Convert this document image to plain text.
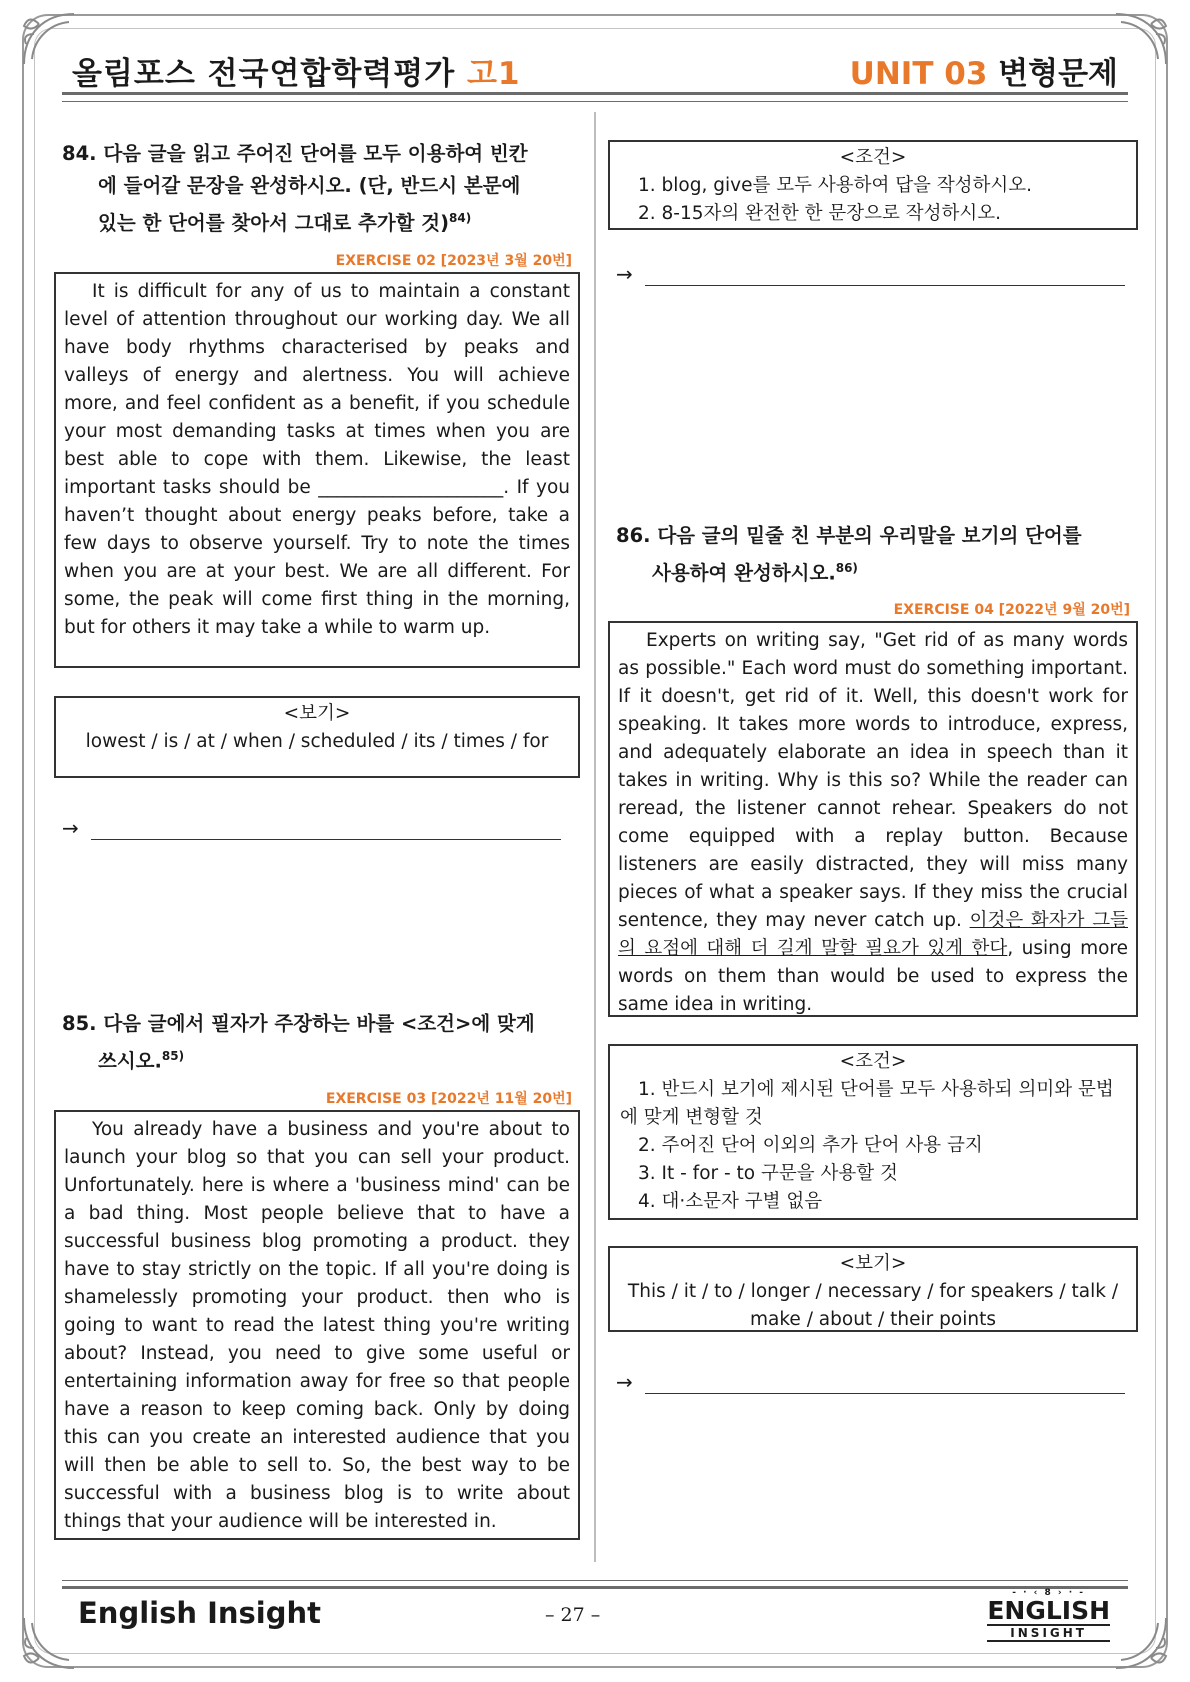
올림포스 전국연합학력평가 고1	UNIT 03 변형문제
84. 다음 글을 읽고 주어진 단어를 모두 이용하여 빈칸
에 들어갈 문장을 완성하시오. (단, 반드시 본문에
있는 한 단어를 찾아서 그대로 추가할 것)$^{84)}$
EXERCISE 02 [2023년 3월 20번]
It is difficult for any of us to maintain a constant level of attention throughout our working day. We all have body rhythms characterised by peaks and valleys of energy and alertness. You will achieve more, and feel confident as a benefit, if you schedule your most demanding tasks at times when you are best able to cope with them. Likewise, the least important tasks should be ____________________. If you haven’t thought about energy peaks before, take a few days to observe yourself. Try to note the times when you are at your best. We are all different. For some, the peak will come first thing in the morning, but for others it may take a while to warm up.
<보기>
lowest / is / at / when / scheduled / its / times / for
→
85. 다음 글에서 필자가 주장하는 바를 <조건>에 맞게
쓰시오.$^{85)}$
EXERCISE 03 [2022년 11월 20번]
You already have a business and you're about to launch your blog so that you can sell your product. Unfortunately. here is where a 'business mind' can be a bad thing. Most people believe that to have a successful business blog promoting a product. they have to stay strictly on the topic. If all you're doing is shamelessly promoting your product. then who is going to want to read the latest thing you're writing about? Instead, you need to give some useful or entertaining information away for free so that people have a reason to keep coming back. Only by doing this can you create an interested audience that you will then be able to sell to. So, the best way to be successful with a business blog is to write about things that your audience will be interested in.
<조건>
1. blog, give를 모두 사용하여 답을 작성하시오.
2. 8-15자의 완전한 한 문장으로 작성하시오.
→
86. 다음 글의 밑줄 친 부분의 우리말을 보기의 단어를
사용하여 완성하시오.$^{86)}$
EXERCISE 04 [2022년 9월 20번]
Experts on writing say, "Get rid of as many words as possible." Each word must do something important. If it doesn't, get rid of it. Well, this doesn't work for speaking. It takes more words to introduce, express, and adequately elaborate an idea in speech than it takes in writing. Why is this so? While the reader can reread, the listener cannot rehear. Speakers do not come equipped with a replay button. Because listeners are easily distracted, they will miss many pieces of what a speaker says. If they miss the crucial sentence, they may never catch up. 이것은 화자가 그들의 요점에 대해 더 길게 말할 필요가 있게 한다, using more words on them than would be used to express the same idea in writing.
<조건>
1. 반드시 보기에 제시된 단어를 모두 사용하되 의미와 문법에 맞게 변형할 것
2. 주어진 단어 이외의 추가 단어 사용 금지
3. It - for - to 구문을 사용할 것
4. 대·소문자 구별 없음
<보기>
This / it / to / longer / necessary / for speakers / talk / make / about / their points
→
English Insight	– 27 –
- · ‹ 8 › · -
ENGLISH
INSIGHT
